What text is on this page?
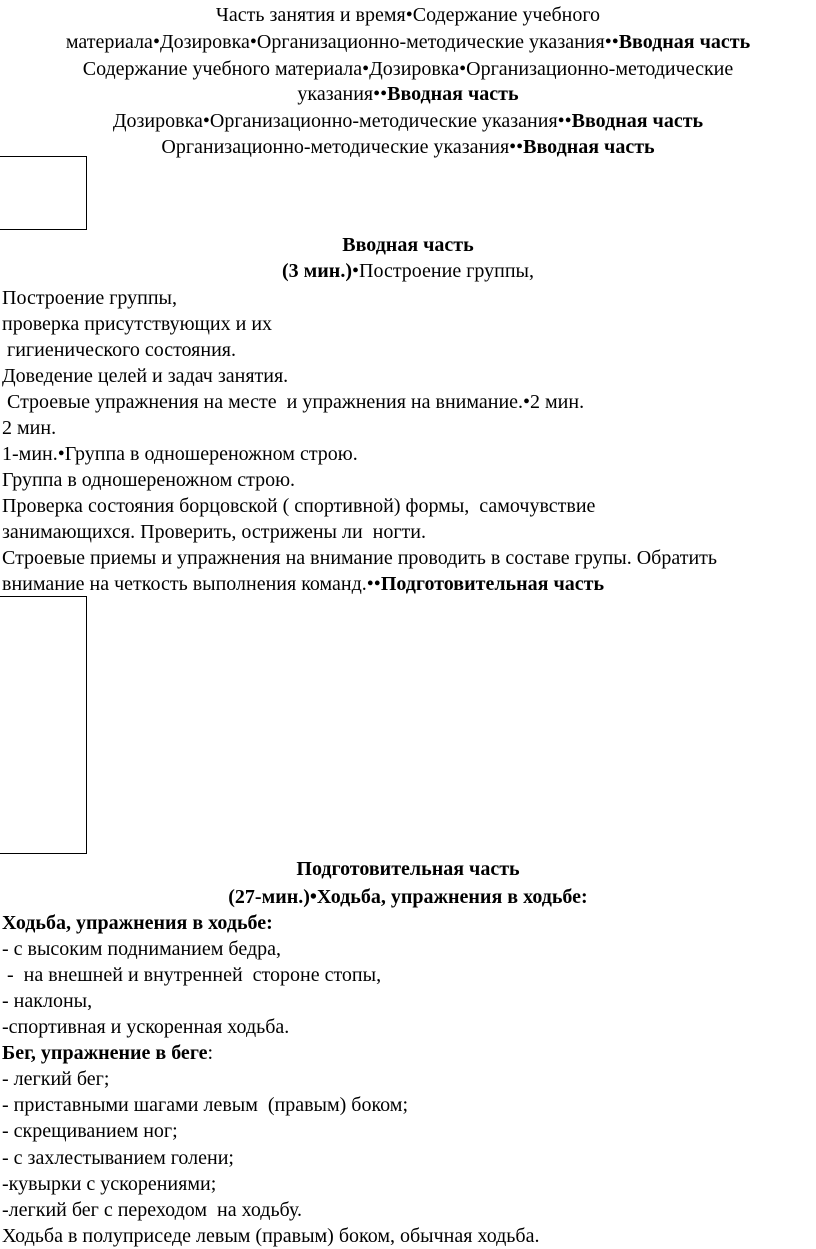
Часть занятия и время•Содержание учебного
материала•Дозировка•Организационно-методические указания••Вводная часть
Содержание учебного материала•Дозировка•Организационно-методические
указания••Вводная часть
Дозировка•Организационно-методические указания••Вводная часть
Организационно-методические указания••Вводная часть
Вводная часть
(3 мин.)•Построение группы,
Построение группы,
проверка присутствующих и их
гигиенического состояния.
Доведение целей и задач занятия.
Строевые упражнения на месте  и упражнения на внимание.•2 мин.
2 мин.
1-мин.•Группа в одношереножном строю.
Группа в одношереножном строю.
Проверка состояния борцовской ( спортивной) формы,  самочувствие
занимающихся. Проверить, острижены ли  ногти.
Строевые приемы и упражнения на внимание проводить в составе групы. Обратить
внимание на четкость выполнения команд.••Подготовительная часть
Подготовительная часть
(27-мин.)•Ходьба, упражнения в ходьбе:
Ходьба, упражнения в ходьбе:
- с высоким подниманием бедра,
-  на внешней и внутренней  стороне стопы,
- наклоны,
-спортивная и ускоренная ходьба.
Бег, упражнение в беге:
- легкий бег;
- приставными шагами левым  (правым) боком;
- скрещиванием ног;
- с захлестыванием голени;
-кувырки с ускорениями;
-легкий бег с переходом  на ходьбу.
Ходьба в полуприседе левым (правым) боком, обычная ходьба.
